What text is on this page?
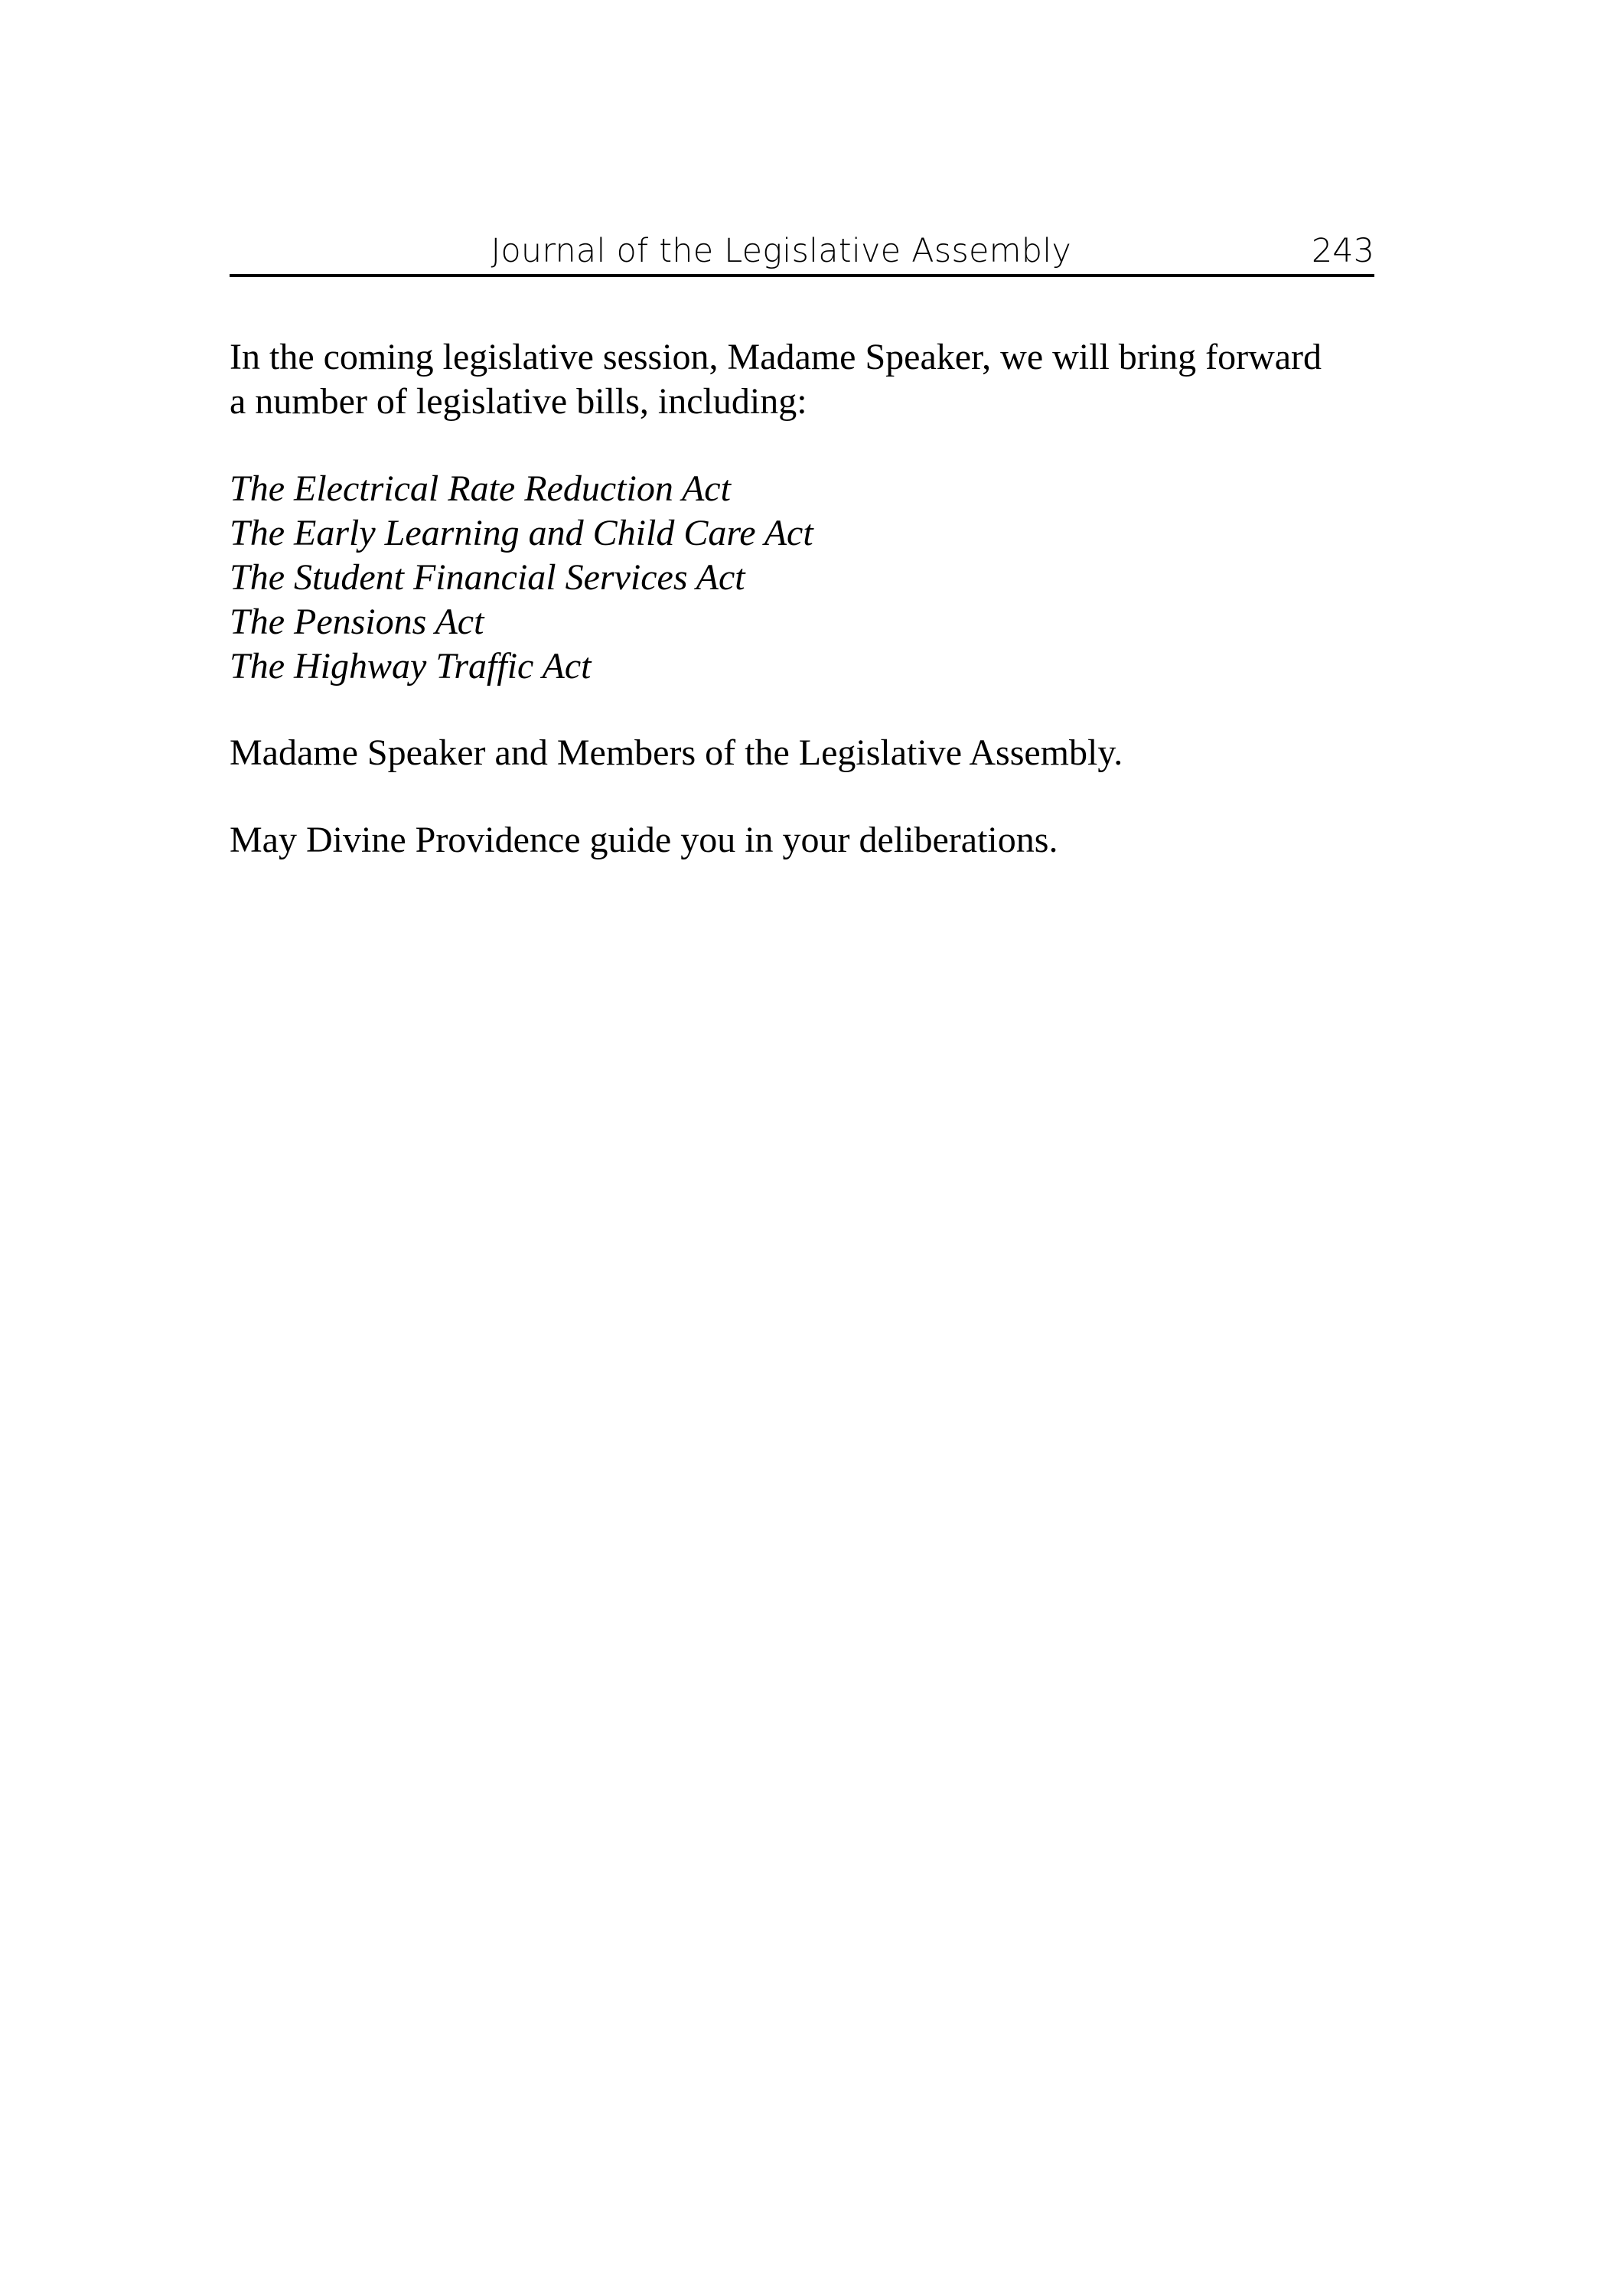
Journal of the Legislative Assembly	243
In the coming legislative session, Madame Speaker, we will bring forward
a number of legislative bills, including:
The Electrical Rate Reduction Act
The Early Learning and Child Care Act
The Student Financial Services Act
The Pensions Act
The Highway Traffic Act
Madame Speaker and Members of the Legislative Assembly.
May Divine Providence guide you in your deliberations.
